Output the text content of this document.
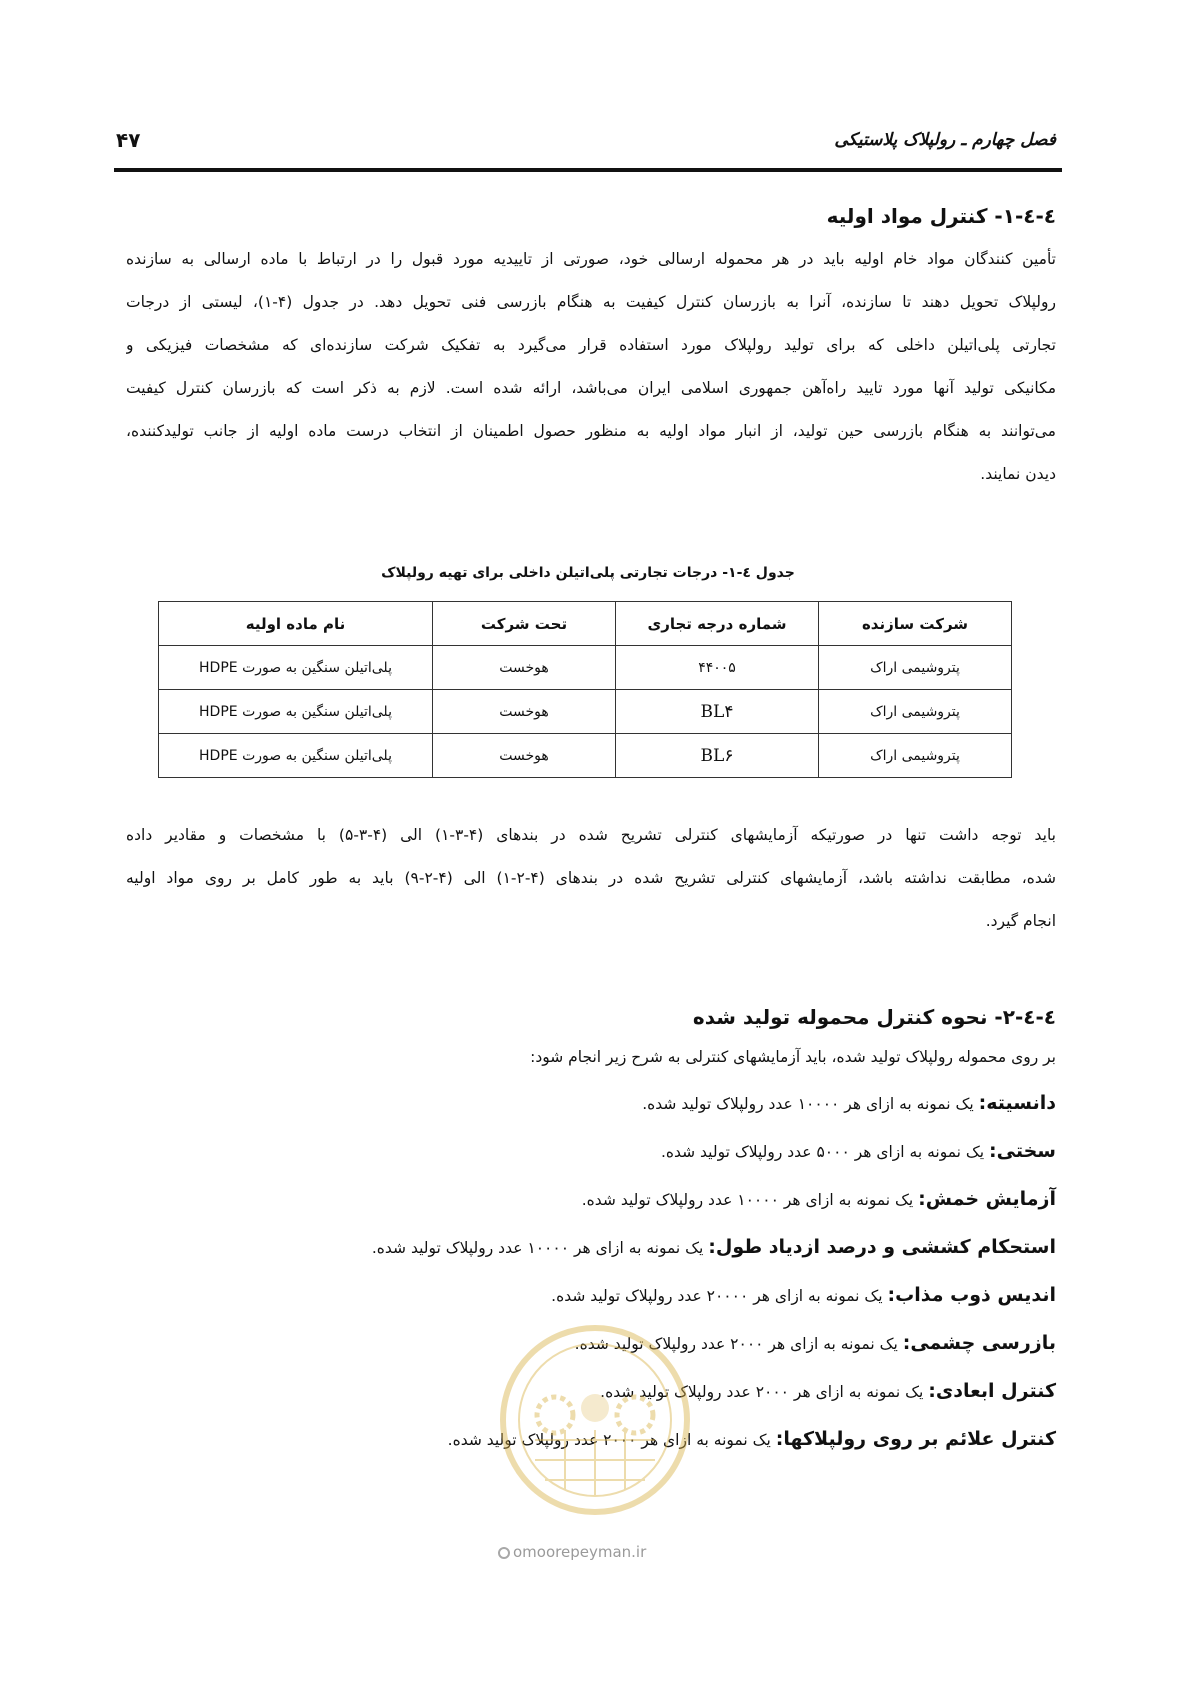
فصل چهارم ـ رولپلاک پلاستیکی
۴۷
٤-٤-١- کنترل مواد اولیه
تأمین کنندگان مواد خام اولیه باید در هر محموله ارسالی خود، صورتی از تاییدیه مورد قبول را در ارتباط با ماده ارسالی به سازنده
رولپلاک تحویل دهند تا سازنده، آنرا به بازرسان کنترل کیفیت به هنگام بازرسی فنی تحویل دهد. در جدول (۴-۱)، لیستی از درجات
تجارتی پلی‌اتیلن داخلی که برای تولید رولپلاک مورد استفاده قرار می‌گیرد به تفکیک شرکت سازنده‌ای که مشخصات فیزیکی و
مکانیکی تولید آنها مورد تایید راه‌آهن جمهوری اسلامی ایران می‌باشد، ارائه شده است. لازم به ذکر است که بازرسان کنترل کیفیت
می‌توانند به هنگام بازرسی حین تولید، از انبار مواد اولیه به منظور حصول اطمینان از انتخاب درست ماده اولیه از جانب تولیدکننده،
دیدن نمایند.
جدول ٤-١- درجات تجارتی پلی‌اتیلن داخلی برای تهیه رولپلاک
شرکت سازنده	شماره درجه تجاری	تحت شرکت	نام ماده اولیه
پتروشیمی اراک	۴۴۰۰۵	هوخست	پلی‌اتیلن سنگین به صورت HDPE
پتروشیمی اراک	BL۴	هوخست	پلی‌اتیلن سنگین به صورت HDPE
پتروشیمی اراک	BL۶	هوخست	پلی‌اتیلن سنگین به صورت HDPE
باید توجه داشت تنها در صورتیکه آزمایشهای کنترلی تشریح شده در بندهای (۴-۳-۱) الی (۴-۳-۵) با مشخصات و مقادیر داده
شده، مطابقت نداشته باشد، آزمایشهای کنترلی تشریح شده در بندهای (۴-۲-۱) الی (۴-۲-۹) باید به طور کامل بر روی مواد اولیه
انجام گیرد.
٤-٤-٢- نحوه کنترل محموله تولید شده
بر روی محموله رولپلاک تولید شده، باید آزمایشهای کنترلی به شرح زیر انجام شود:
دانسیته: یک نمونه به ازای هر ۱۰۰۰۰ عدد رولپلاک تولید شده.
سختی: یک نمونه به ازای هر ۵۰۰۰ عدد رولپلاک تولید شده.
آزمایش خمش: یک نمونه به ازای هر ۱۰۰۰۰ عدد رولپلاک تولید شده.
استحکام کششی و درصد ازدیاد طول: یک نمونه به ازای هر ۱۰۰۰۰ عدد رولپلاک تولید شده.
اندیس ذوب مذاب: یک نمونه به ازای هر ۲۰۰۰۰ عدد رولپلاک تولید شده.
بازرسی چشمی: یک نمونه به ازای هر ۲۰۰۰ عدد رولپلاک تولید شده.
کنترل ابعادی: یک نمونه به ازای هر ۲۰۰۰ عدد رولپلاک تولید شده.
کنترل علائم بر روی رولپلاکها: یک نمونه به ازای هر ۲۰۰۰ عدد رولپلاک تولید شده.
omoorepeyman.ir
